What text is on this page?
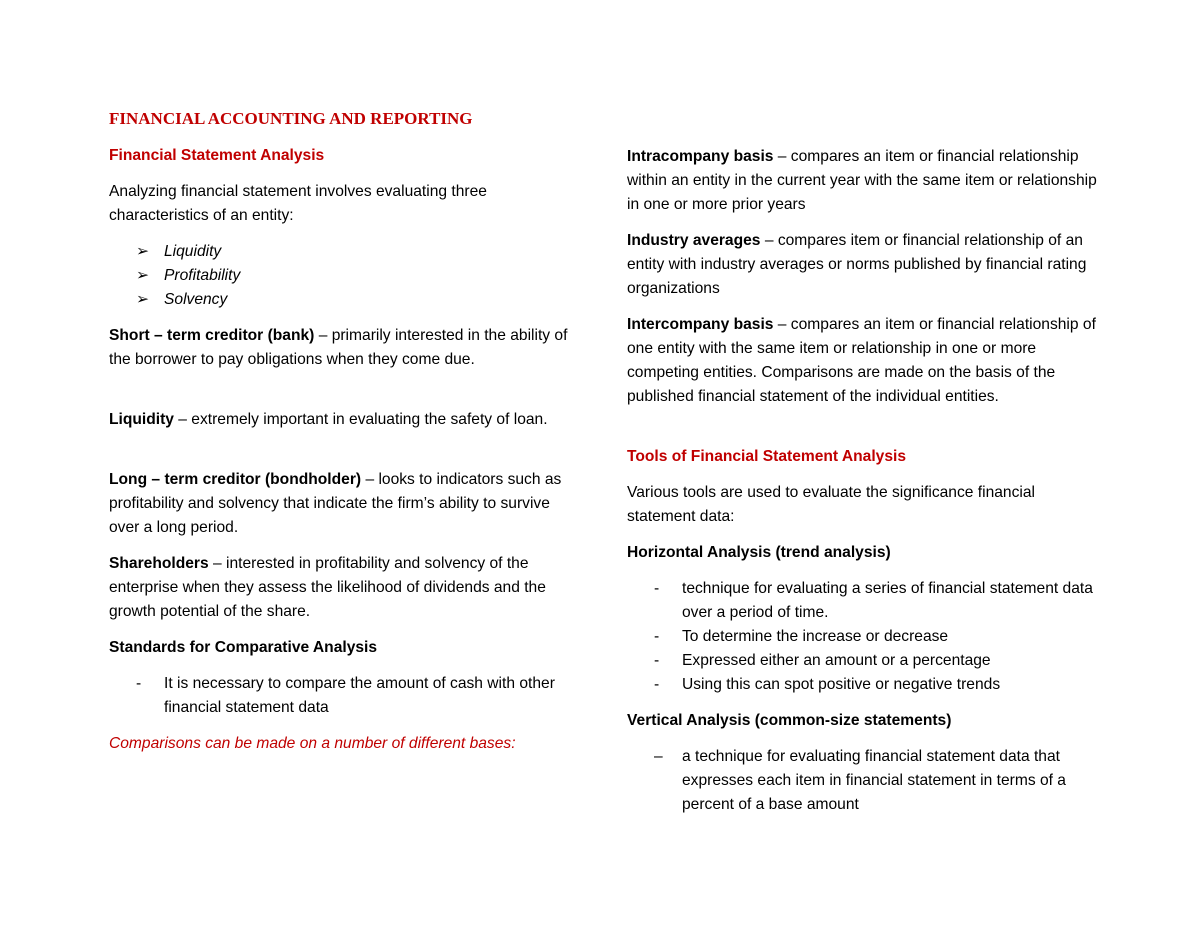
FINANCIAL ACCOUNTING AND REPORTING

Financial Statement Analysis

Analyzing financial statement involves evaluating three characteristics of an entity:

➢ Liquidity
➢ Profitability
➢ Solvency

Short – term creditor (bank) – primarily interested in the ability of the borrower to pay obligations when they come due.

Liquidity – extremely important in evaluating the safety of loan.

Long – term creditor (bondholder) – looks to indicators such as profitability and solvency that indicate the firm’s ability to survive over a long period.

Shareholders – interested in profitability and solvency of the enterprise when they assess the likelihood of dividends and the growth potential of the share.

Standards for Comparative Analysis

- It is necessary to compare the amount of cash with other financial statement data

Comparisons can be made on a number of different bases:

Intracompany basis – compares an item or financial relationship within an entity in the current year with the same item or relationship in one or more prior years

Industry averages – compares item or financial relationship of an entity with industry averages or norms published by financial rating organizations

Intercompany basis – compares an item or financial relationship of one entity with the same item or relationship in one or more competing entities. Comparisons are made on the basis of the published financial statement of the individual entities.

Tools of Financial Statement Analysis

Various tools are used to evaluate the significance financial statement data:

Horizontal Analysis (trend analysis)

- technique for evaluating a series of financial statement data over a period of time.
- To determine the increase or decrease
- Expressed either an amount or a percentage
- Using this can spot positive or negative trends

Vertical Analysis (common-size statements)

– a technique for evaluating financial statement data that expresses each item in financial statement in terms of a percent of a base amount
